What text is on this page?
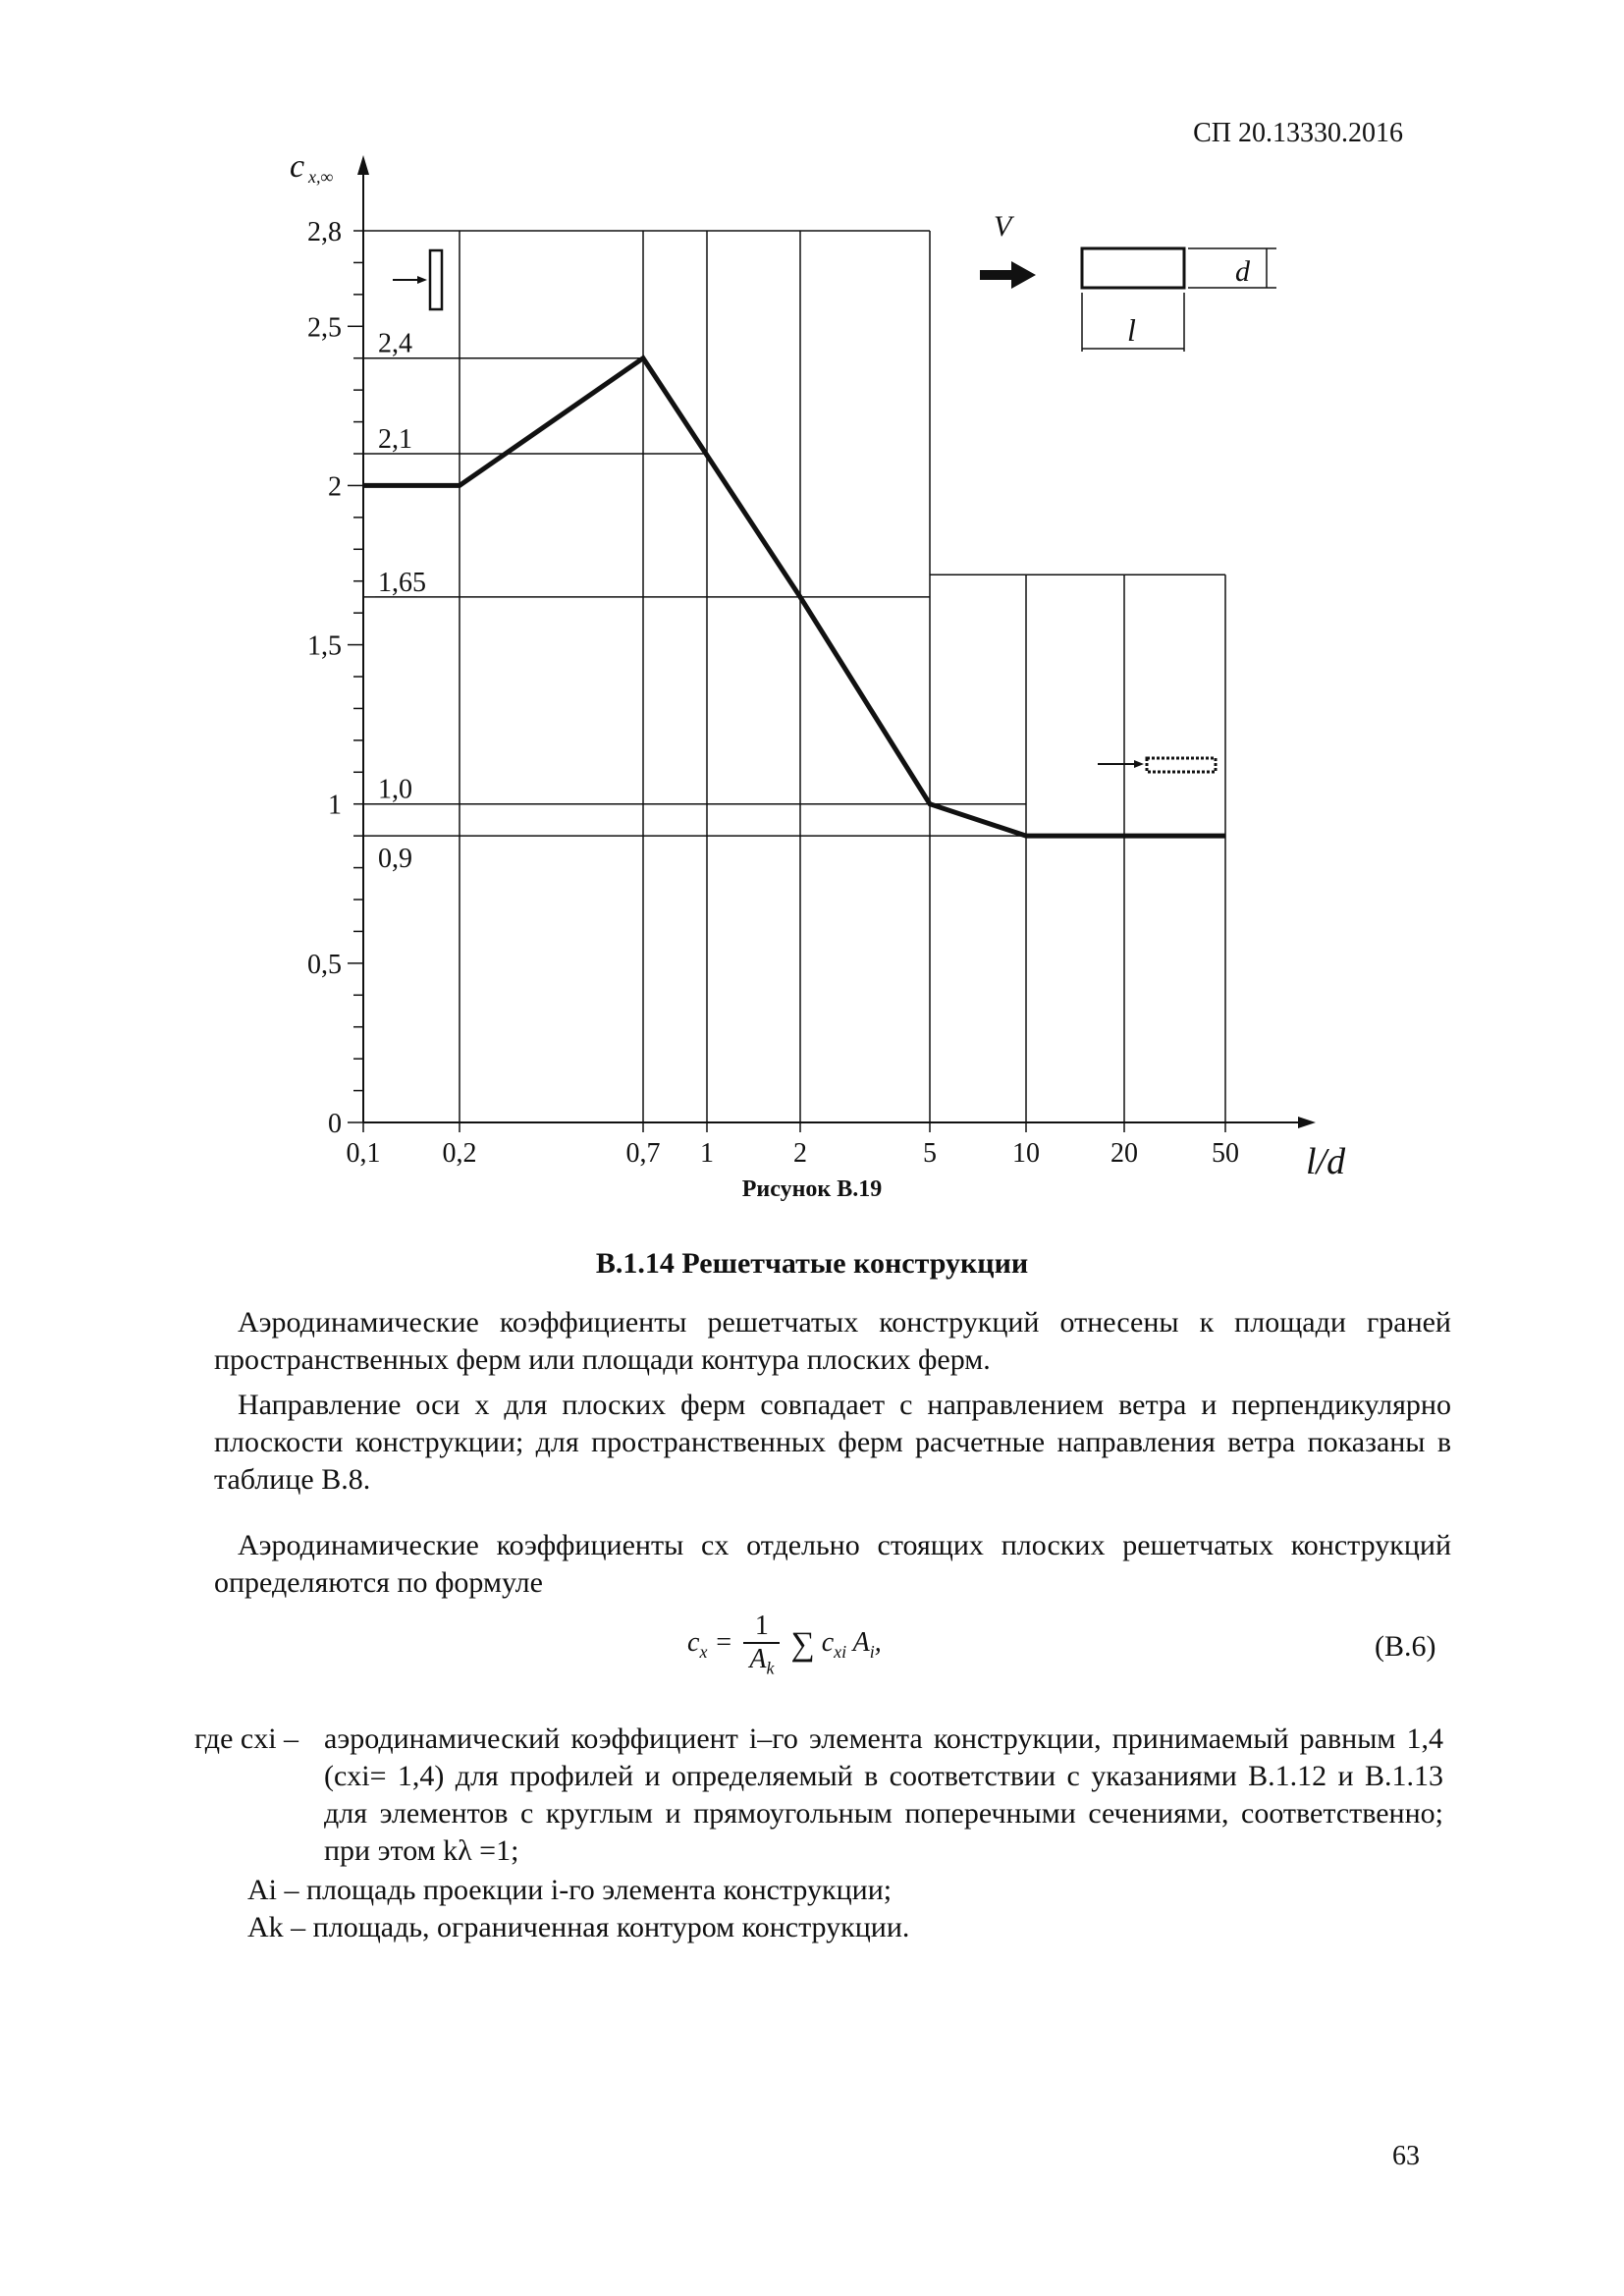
СП 20.13330.2016
2,8
2,5
2
1,5
1
0,5
0
0,1 0,2	0,7 1	2	5	10	20	50
2,4
2,1
1,65
1,0
0,9
c x,∞
l/d
V
d
l
Рисунок В.19
В.1.14 Решетчатые конструкции
Аэродинамические коэффициенты решетчатых конструкций отнесены к площади граней пространственных ферм или площади контура плоских ферм.
Направление оси x для плоских ферм совпадает с направлением ветра и перпендикулярно плоскости конструкции; для пространственных ферм расчетные направления ветра показаны в таблице В.8.
Аэродинамические коэффициенты cx отдельно стоящих плоских решетчатых конструкций определяются по формуле
$c_x = \frac{1}{A_k}$ ∑ $c_{xi}$ $A_i$,	(В.6)
где cxi – аэродинамический коэффициент i–го элемента конструкции, принимаемый равным 1,4 (cxi= 1,4) для профилей и определяемый в соответствии с указаниями В.1.12 и В.1.13 для элементов с круглым и прямоугольным поперечными сечениями, соответственно; при этом kλ =1;
Ai – площадь проекции i-го элемента конструкции;
Ak – площадь, ограниченная контуром конструкции.
63
